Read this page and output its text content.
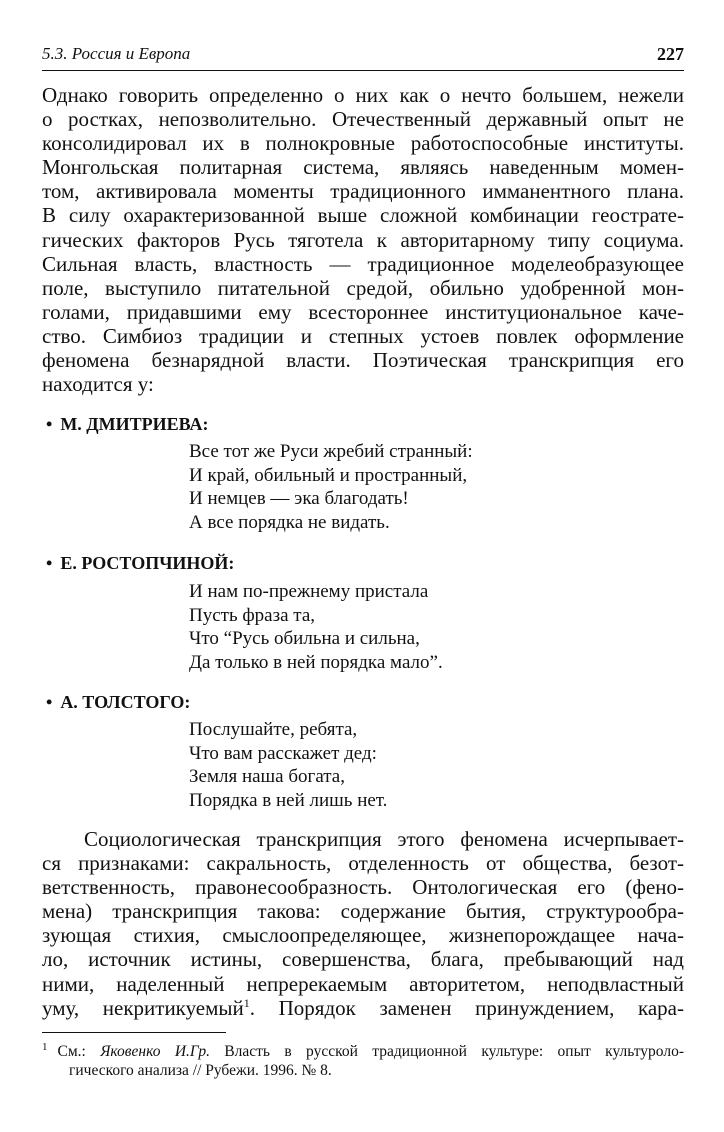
5.3. Россия и Европа	227

Однако говорить определенно о них как о нечто большем, нежели
о ростках, непозволительно. Отечественный державный опыт не
консолидировал их в полнокровные работоспособные институты.
Монгольская политарная система, являясь наведенным момен-
том, активировала моменты традиционного имманентного плана.
В силу охарактеризованной выше сложной комбинации геострате-
гических факторов Русь тяготела к авторитарному типу социума.
Сильная власть, властность — традиционное моделеобразующее
поле, выступило питательной средой, обильно удобренной мон-
голами, придавшими ему всестороннее институциональное каче-
ство. Симбиоз традиции и степных устоев повлек оформление
феномена безнарядной власти. Поэтическая транскрипция его
находится у:

• М. ДМИТРИЕВА:
Все тот же Руси жребий странный:
И край, обильный и пространный,
И немцев — эка благодать!
А все порядка не видать.
• Е. РОСТОПЧИНОЙ:
И нам по-прежнему пристала
Пусть фраза та,
Что “Русь обильна и сильна,
Да только в ней порядка мало”.
• А. ТОЛСТОГО:
Послушайте, ребята,
Что вам расскажет дед:
Земля наша богата,
Порядка в ней лишь нет.

Социологическая транскрипция этого феномена исчерпывает-
ся признаками: сакральность, отделенность от общества, безот-
ветственность, правонесообразность. Онтологическая его (фено-
мена) транскрипция такова: содержание бытия, структурообра-
зующая стихия, смыслоопределяющее, жизнепорождащее нача-
ло, источник истины, совершенства, блага, пребывающий над
ними, наделенный непререкаемым авторитетом, неподвластный
уму, некритикуемый$^1$. Порядок заменен принуждением, кара-

$^1$ См.: Яковенко И.Гр. Власть в русской традиционной культуре: опыт культуроло-
гического анализа // Рубежи. 1996. № 8.
